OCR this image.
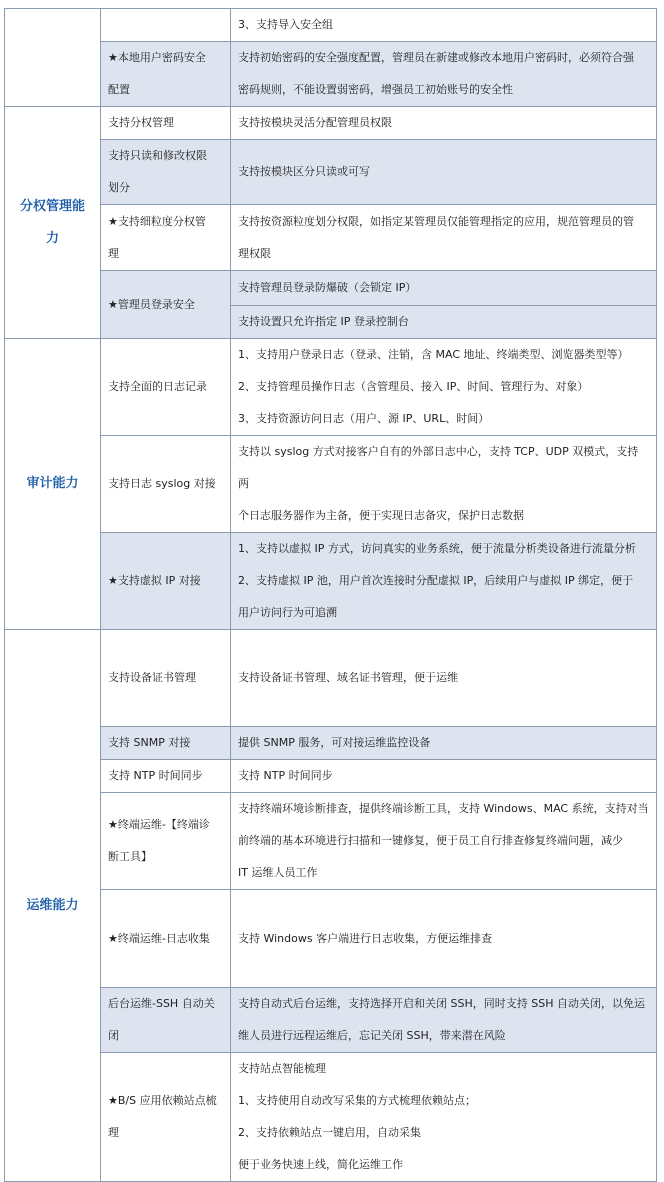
		3、支持导入安全组

	★本地用户密码安全
配置	支持初始密码的安全强度配置，管理员在新建或修改本地用户密码时，必须符合强
密码规则，不能设置弱密码，增强员工初始账号的安全性

分权管理能
力	支持分权管理	支持按模块灵活分配管理员权限

	支持只读和修改权限
划分	支持按模块区分只读或可写

	★支持细粒度分权管
理	支持按资源粒度划分权限，如指定某管理员仅能管理指定的应用，规范管理员的管
理权限

	★管理员登录安全	支持管理员登录防爆破（会锁定 IP）

		支持设置只允许指定 IP 登录控制台

审计能力	支持全面的日志记录	1、支持用户登录日志（登录、注销，含 MAC 地址、终端类型、浏览器类型等）
2、支持管理员操作日志（含管理员、接入 IP、时间、管理行为、对象）
3、支持资源访问日志（用户、源 IP、URL、时间）

	支持日志 syslog 对接	支持以 syslog 方式对接客户自有的外部日志中心，支持 TCP、UDP 双模式，支持两
个日志服务器作为主备，便于实现日志备灾，保护日志数据

	★支持虚拟 IP 对接	1、支持以虚拟 IP 方式，访问真实的业务系统，便于流量分析类设备进行流量分析
2、支持虚拟 IP 池，用户首次连接时分配虚拟 IP，后续用户与虚拟 IP 绑定，便于
用户访问行为可追溯

运维能力	支持设备证书管理	支持设备证书管理、域名证书管理，便于运维

	支持 SNMP 对接	提供 SNMP 服务，可对接运维监控设备

	支持 NTP 时间同步	支持 NTP 时间同步

	★终端运维-【终端诊
断工具】	支持终端环境诊断排查，提供终端诊断工具，支持 Windows、MAC 系统，支持对当
前终端的基本环境进行扫描和一键修复，便于员工自行排查修复终端问题，减少
IT 运维人员工作

	★终端运维-日志收集	支持 Windows 客户端进行日志收集，方便运维排查

	后台运维-SSH 自动关
闭	支持自动式后台运维，支持选择开启和关闭 SSH，同时支持 SSH 自动关闭，以免运
维人员进行远程运维后，忘记关闭 SSH，带来潜在风险

	★B/S 应用依赖站点梳
理	支持站点智能梳理
1、支持使用自动改写采集的方式梳理依赖站点；
2、支持依赖站点一键启用，自动采集
便于业务快速上线，简化运维工作
